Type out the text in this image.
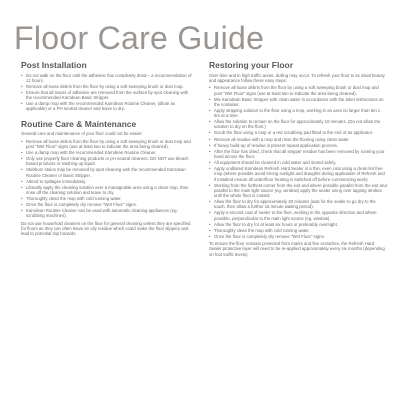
Floor Care Guide
Post Installation
• Do not walk on the floor until the adhesive has completely dried – a recommendation of 12 hours.
• Remove all loose debris from the floor by using a soft sweeping brush or dust mop.
• Ensure that all traces of adhesive are removed from the surface by spot cleaning with the recommended Karndean Basic Stripper.
• Use a damp mop with the recommended Karndean Routine Cleaner, (dilute as applicable) or a PH neutral cleaner and leave to dry.
Routine Care & Maintenance

General care and maintenance of your floor could not be easier:

• Remove all loose debris from the floor by using a soft sweeping brush or dust mop and post "Wet Floor" signs (use at least two to indicate the area being cleaned).
• Use a damp mop with the recommended Karndean Routine Cleaner.
• Only use properly floor cleaning products or pH neutral cleaners. DO NOT use bleach based products or washing up liquid.
• Stubborn stains may be removed by spot cleaning with the recommended Karndean Routine Cleaner or Basic Stripper.
• Attend to spillages immediately.
• Liberally apply the cleaning solution over a manageable area using a clean mop, then rinse off the cleaning solution and leave to dry.
• Thoroughly clean the mop with cold running water.
• Once the floor is completely dry remove "Wet Floor" signs.
• Karndean Routine Cleaner can be used with automatic cleaning appliances (eg. scrubbing machines).

Do not use household cleaners on the floor for general cleaning unless they are specified for floors as they can often leave an oily residue which could make the floor slippery and lead to potential slip hazards.

Restoring your Floor

Over time and in high traffic areas, dulling may occur. To refresh your floor to its initial beauty and appearance follow these easy steps:

• Remove all loose debris from the floor by using a soft sweeping brush or dust mop and post "Wet Floor" signs (use at least two to indicate the area being cleaned).
• Mix Karndean Basic Stripper with clean water in accordance with the label instructions on the container.
• Apply stripping solution to the floor using a mop, working in an area no larger than 5m x 5m at a time.
• Allow the solution to remain on the floor for approximately 10 minutes. (Do not allow the solution to dry on the floor.)
• Scrub the floor using a mop or a red scrubbing pad fitted to the end of an applicator.
• Remove all residue with a mop and rinse the flooring using clean water.
• If heavy build-up of residue is present repeat application process.
• After the floor has dried, check that all stripper residue has been removed by running your hand across the floor.
• All equipment should be cleaned in cold water and stored safely.
• Apply undiluted Karndean Refresh Hard Sealer in a thin, even coat using a clean lint free mop (where possible avoid strong sunlight and draughts during application of Refresh and if installed ensure all underfloor heating is switched off before commencing work).
• Working from the furthest corner from the exit and where possible parallel from the exit and parallel to the main light source (eg. window) apply the sealer using over lapping strokes until the whole floor is coated.
• Allow the floor to dry for approximately 30 minutes (wait for the sealer to go dry to the touch, then allow a further 15 minute waiting period).
• Apply a second coat of sealer to the floor, working in the opposite direction and where possible, perpendicular to the main light source (eg. window).
• Allow the floor to dry for at least six hours or preferably overnight.
• Thoroughly clean the mop with cold running water.
• Once the floor is completely dry remove "Wet Floor" signs.

To ensure the floor remains protected from marks and fine scratches, the Refresh Hard Sealer protective layer will need to be re-applied approximately every six months (depending on foot traffic levels).
